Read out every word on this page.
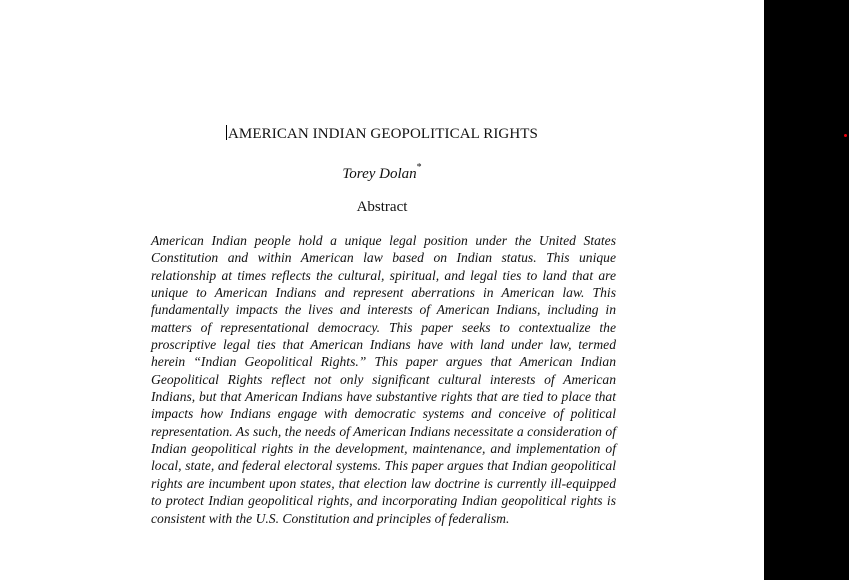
AMERICAN INDIAN GEOPOLITICAL RIGHTS
Torey Dolan*
Abstract

American Indian people hold a unique legal position under the United States Constitution and within American law based on Indian status. This unique relationship at times reflects the cultural, spiritual, and legal ties to land that are unique to American Indians and represent aberrations in American law. This fundamentally impacts the lives and interests of American Indians, including in matters of representational democracy. This paper seeks to contextualize the proscriptive legal ties that American Indians have with land under law, termed herein “Indian Geopolitical Rights.” This paper argues that American Indian Geopolitical Rights reflect not only significant cultural interests of American Indians, but that American Indians have substantive rights that are tied to place that impacts how Indians engage with democratic systems and conceive of political representation. As such, the needs of American Indians necessitate a consideration of Indian geopolitical rights in the development, maintenance, and implementation of local, state, and federal electoral systems. This paper argues that Indian geopolitical rights are incumbent upon states, that election law doctrine is currently ill-equipped to protect Indian geopolitical rights, and incorporating Indian geopolitical rights is consistent with the U.S. Constitution and principles of federalism.
